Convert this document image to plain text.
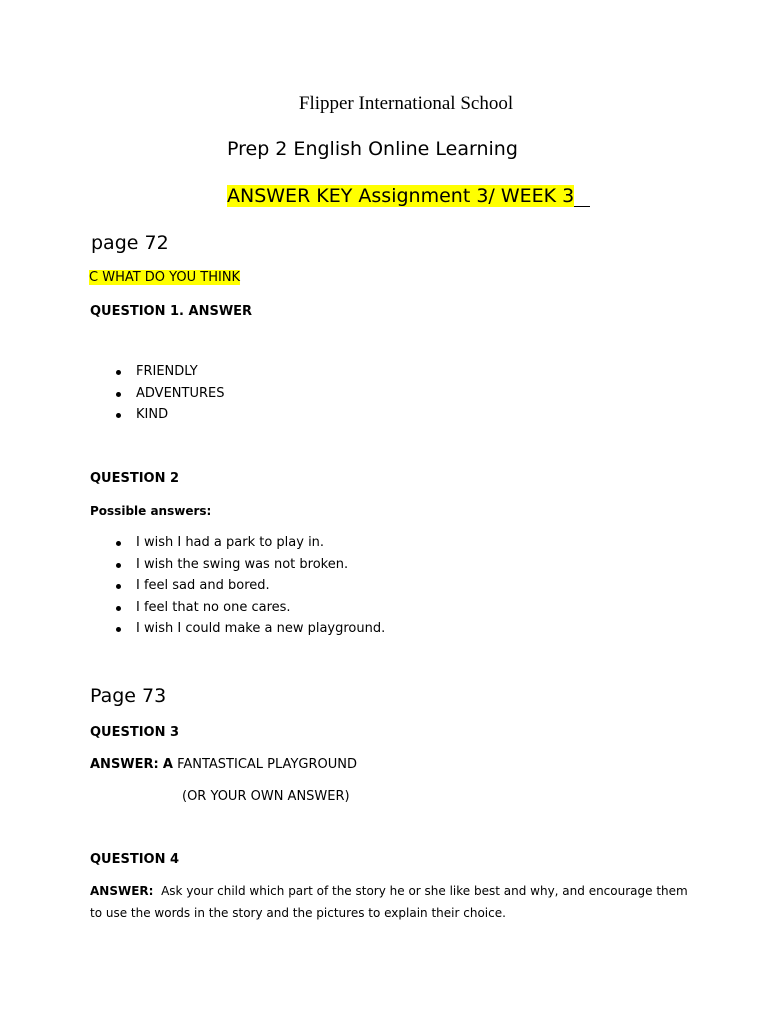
Flipper International School
Prep 2 English Online Learning
ANSWER KEY Assignment 3/ WEEK 3
page 72
C WHAT DO YOU THINK
QUESTION 1. ANSWER
FRIENDLY
ADVENTURES
KIND
QUESTION 2
Possible answers:
I wish I had a park to play in.
I wish the swing was not broken.
I feel sad and bored.
I feel that no one cares.
I wish I could make a new playground.
Page 73
QUESTION 3
ANSWER: A FANTASTICAL PLAYGROUND
(OR YOUR OWN ANSWER)
QUESTION 4
ANSWER: Ask your child which part of the story he or she like best and why, and encourage them to use the words in the story and the pictures to explain their choice.
